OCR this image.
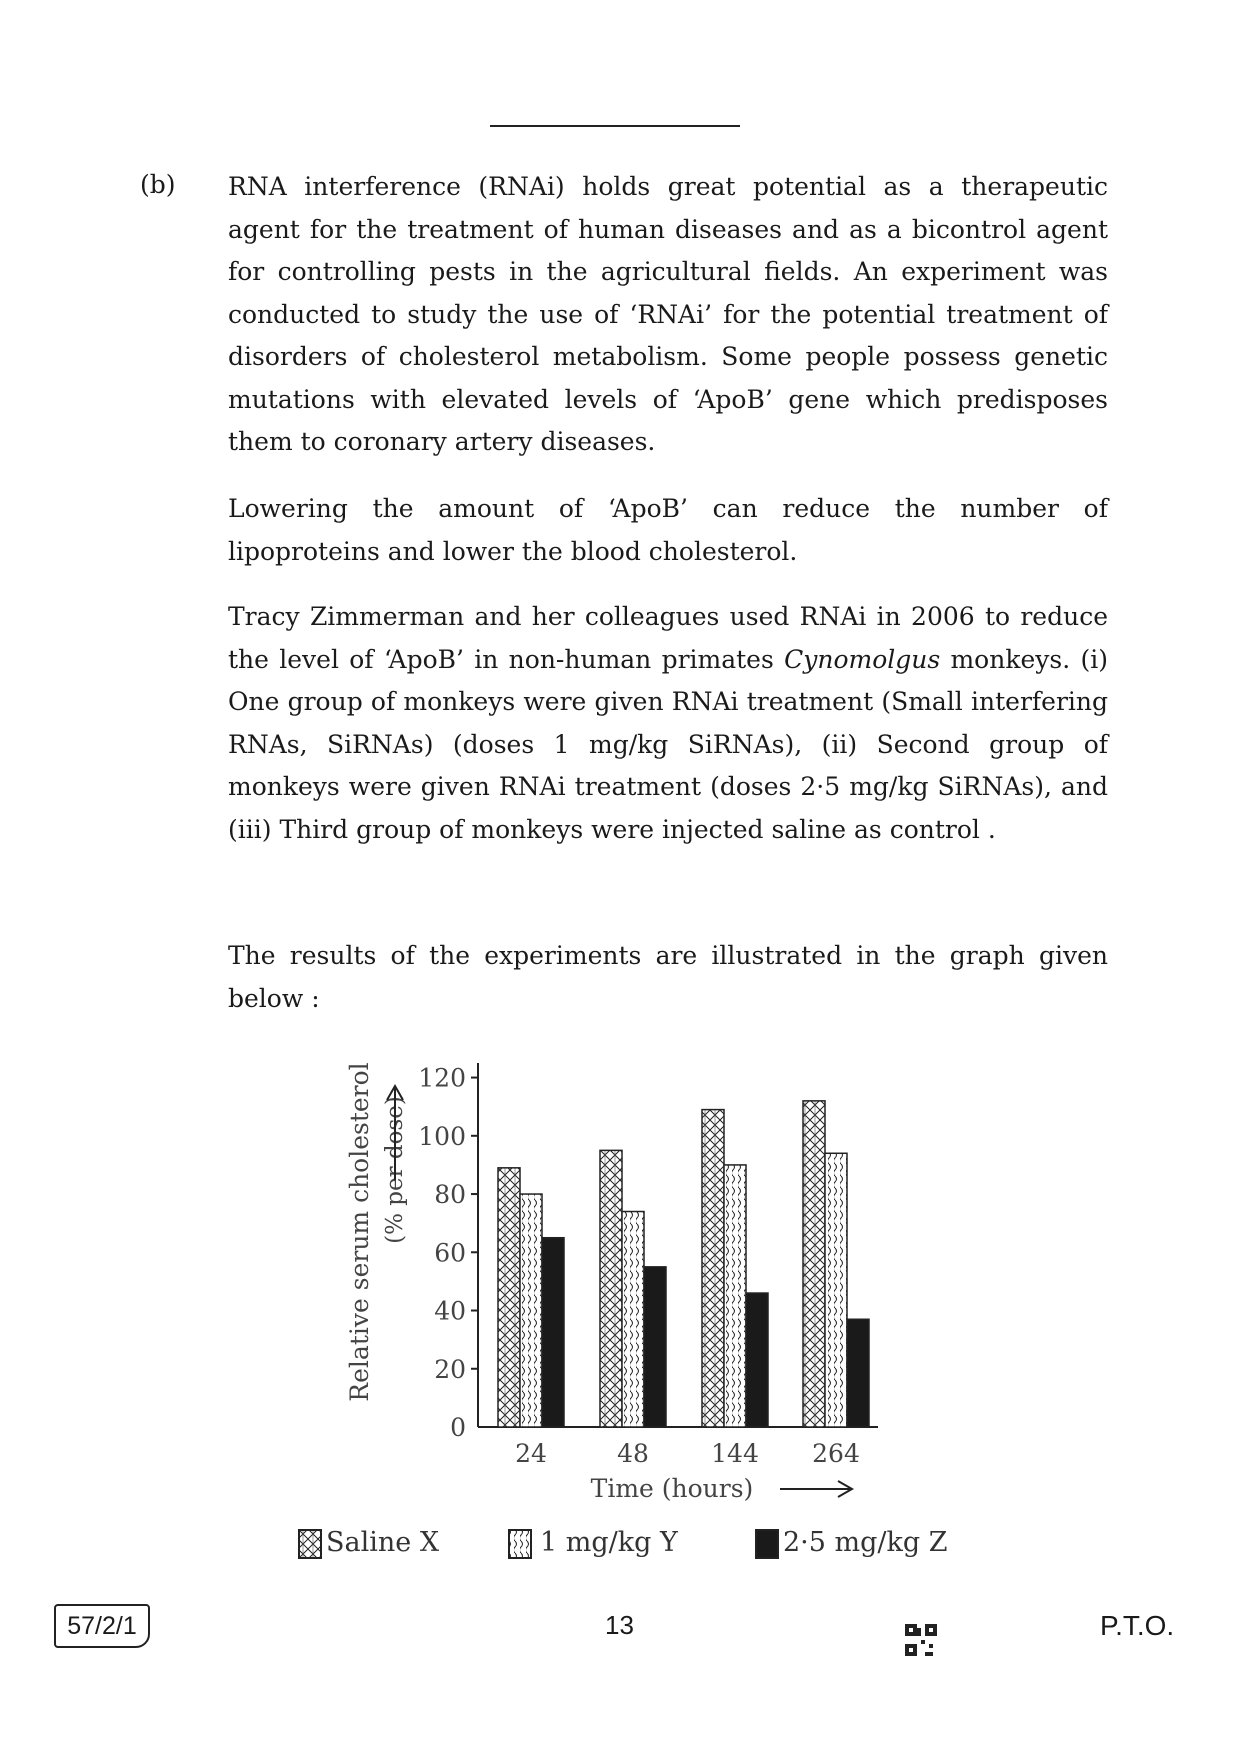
(b) RNA interference (RNAi) holds great potential as a therapeutic agent for the treatment of human diseases and as a bicontrol agent for controlling pests in the agricultural fields. An experiment was conducted to study the use of ‘RNAi’ for the potential treatment of disorders of cholesterol metabolism. Some people possess genetic mutations with elevated levels of ‘ApoB’ gene which predisposes them to coronary artery diseases.

Lowering the amount of ‘ApoB’ can reduce the number of lipoproteins and lower the blood cholesterol.

Tracy Zimmerman and her colleagues used RNAi in 2006 to reduce the level of ‘ApoB’ in non-human primates Cynomolgus monkeys. (i) One group of monkeys were given RNAi treatment (Small interfering RNAs, SiRNAs) (doses 1 mg/kg SiRNAs), (ii) Second group of monkeys were given RNAi treatment (doses 2·5 mg/kg SiRNAs), and (iii) Third group of monkeys were injected saline as control .

The results of the experiments are illustrated in the graph given below :

0
20
40
60
80
100
120
24	48 144 264
Time (hours)
Relative serum cholesterol (% per dose)
Saline X	1 mg/kg Y	2·5 mg/kg Z
57/2/1	13	P.T.O.
